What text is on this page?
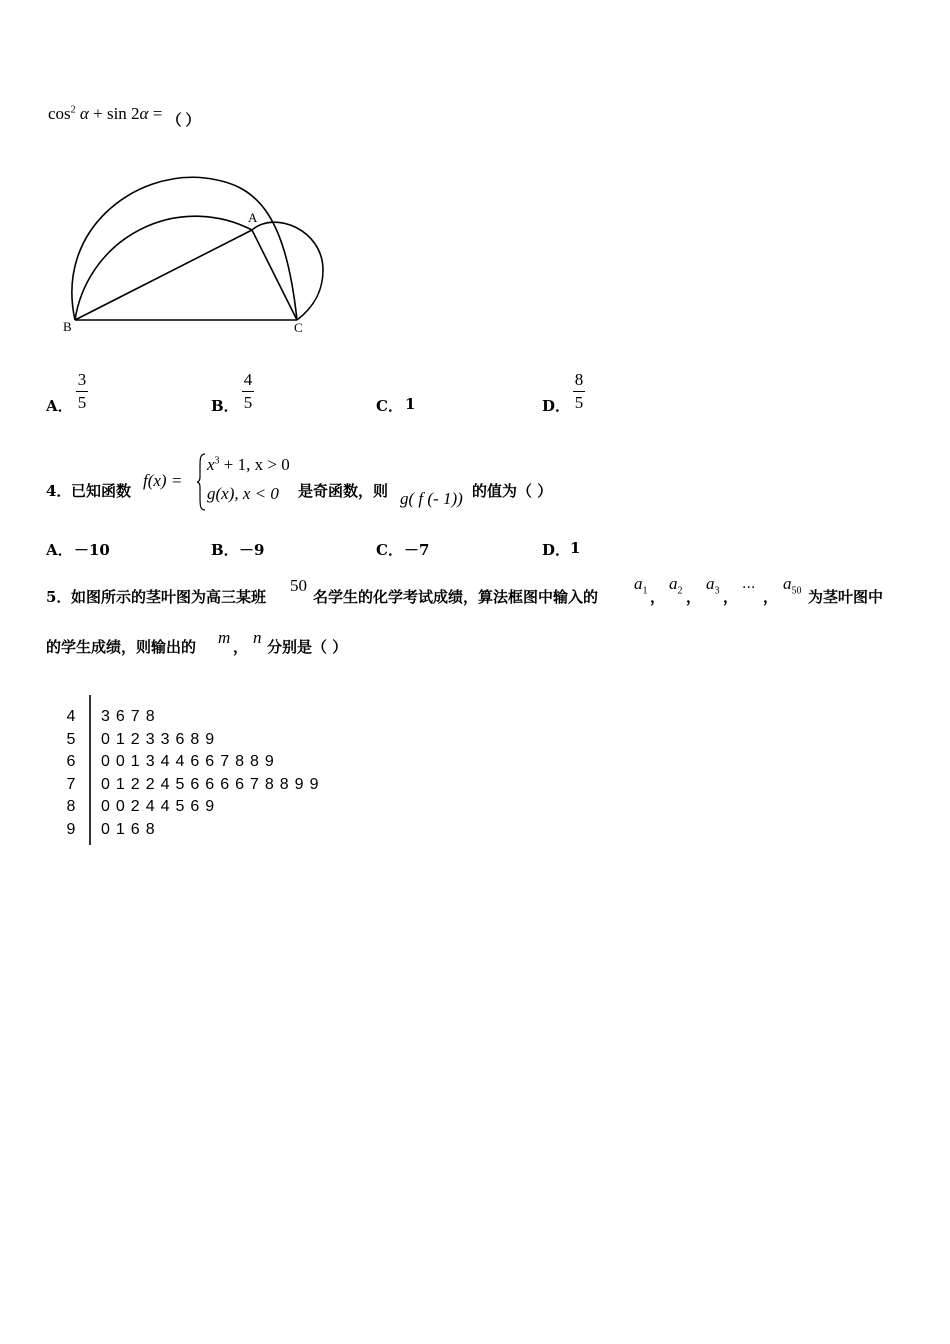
$\cos^2 \alpha + \sin 2\alpha$ = （ ）
A
B	C
A．
3
5	B．
4
5	C． 1	D．
8
5
4． 已知函数
f(x) =
$x^3 + 1$, x > 0
g(x), x < 0 是奇函数，则 g( f (- 1)) 的值为（ ）
A． －10	B． －9	C． －7	D． 1
5． 如图所示的茎叶图为高三某班
50
名学生的化学考试成绩，算法框图中输入的
$a_1$ ，
$a_2$ ，
$a_3$ ， ··· ，
$a_{50}$ 为茎叶图中
的学生成绩，则输出的 m ， n 分别是（ ）
4 3678
5 01233689
6 001344667889
7 012245666678899
8 00244569
9 0168
